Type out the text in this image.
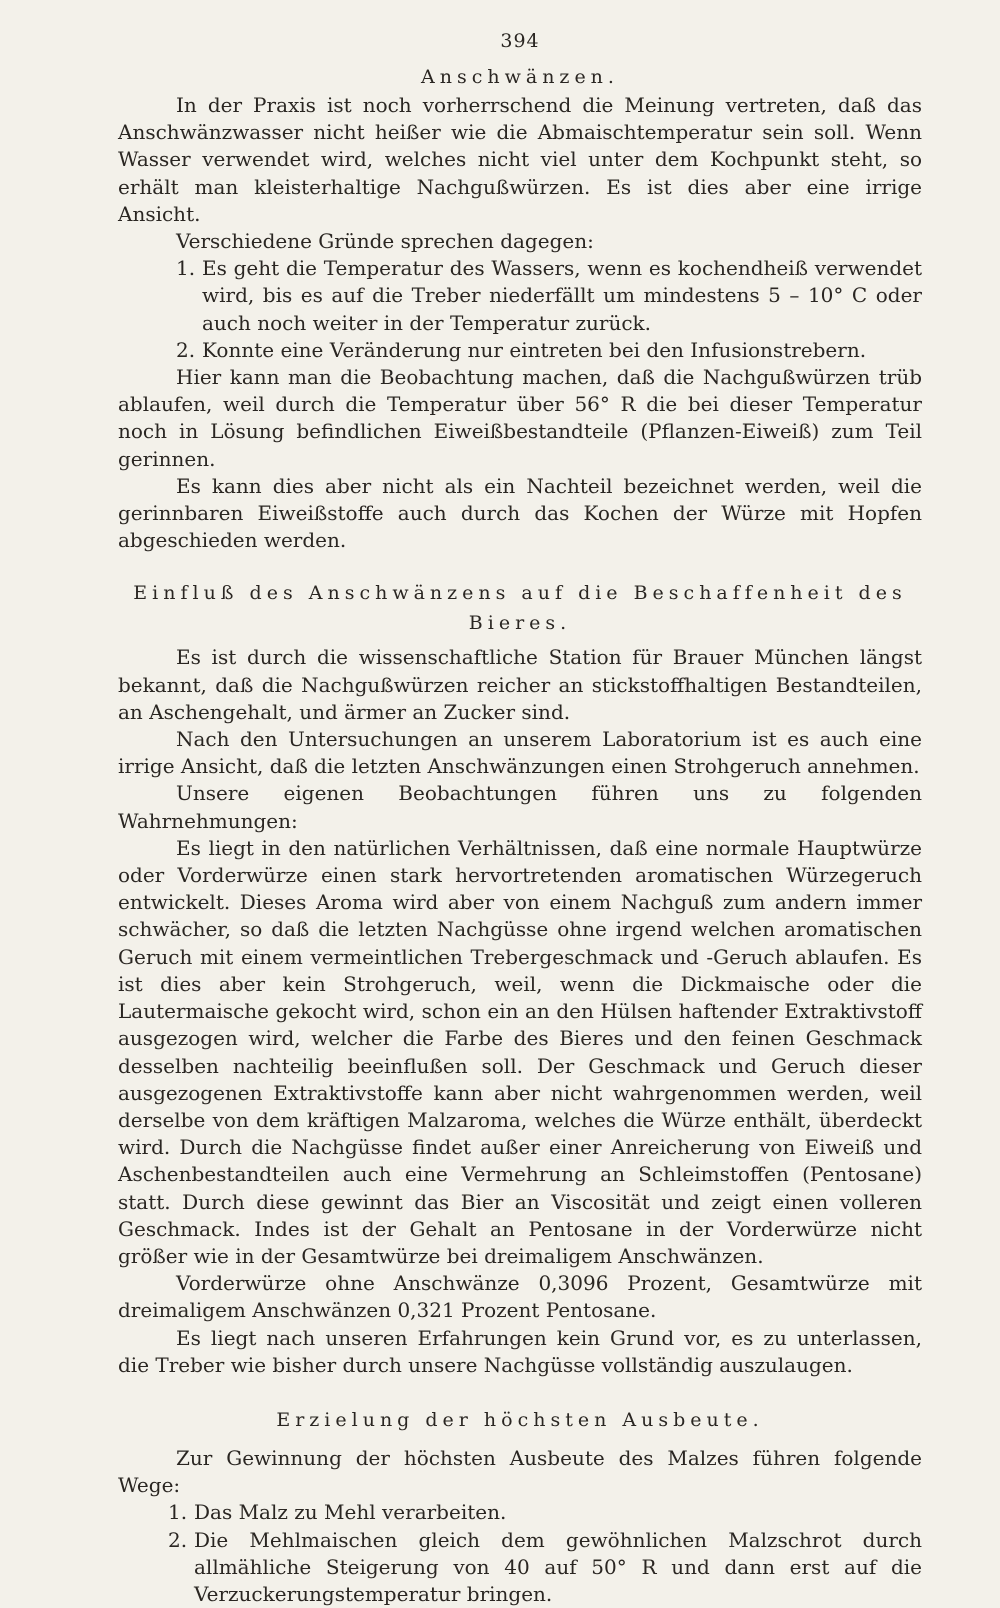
394
Anschwänzen.

In der Praxis ist noch vorherrschend die Meinung vertreten, daß das Anschwänzwasser nicht heißer wie die Abmaischtemperatur sein soll. Wenn Wasser verwendet wird, welches nicht viel unter dem Kochpunkt steht, so erhält man kleisterhaltige Nachgußwürzen. Es ist dies aber eine irrige Ansicht.

Verschiedene Gründe sprechen dagegen:

1. Es geht die Temperatur des Wassers, wenn es kochendheiß verwendet wird, bis es auf die Treber niederfällt um mindestens 5 – 10° C oder auch noch weiter in der Temperatur zurück.
2. Konnte eine Veränderung nur eintreten bei den Infusionstrebern.

Hier kann man die Beobachtung machen, daß die Nachgußwürzen trüb ablaufen, weil durch die Temperatur über 56° R die bei dieser Temperatur noch in Lösung befindlichen Eiweißbestandteile (Pflanzen-Eiweiß) zum Teil gerinnen.

Es kann dies aber nicht als ein Nachteil bezeichnet werden, weil die gerinnbaren Eiweißstoffe auch durch das Kochen der Würze mit Hopfen abgeschieden werden.

Einfluß des Anschwänzens auf die Beschaffenheit des Bieres.

Es ist durch die wissenschaftliche Station für Brauer München längst bekannt, daß die Nachgußwürzen reicher an stickstoffhaltigen Bestandteilen, an Aschengehalt, und ärmer an Zucker sind.

Nach den Untersuchungen an unserem Laboratorium ist es auch eine irrige Ansicht, daß die letzten Anschwänzungen einen Strohgeruch annehmen.

Unsere eigenen Beobachtungen führen uns zu folgenden Wahrnehmungen:

Es liegt in den natürlichen Verhältnissen, daß eine normale Hauptwürze oder Vorderwürze einen stark hervortretenden aromatischen Würzegeruch entwickelt. Dieses Aroma wird aber von einem Nachguß zum andern immer schwächer, so daß die letzten Nachgüsse ohne irgend welchen aromatischen Geruch mit einem vermeintlichen Trebergeschmack und -Geruch ablaufen. Es ist dies aber kein Strohgeruch, weil, wenn die Dickmaische oder die Lautermaische gekocht wird, schon ein an den Hülsen haftender Extraktivstoff ausgezogen wird, welcher die Farbe des Bieres und den feinen Geschmack desselben nachteilig beeinflußen soll. Der Geschmack und Geruch dieser ausgezogenen Extraktivstoffe kann aber nicht wahrgenommen werden, weil derselbe von dem kräftigen Malzaroma, welches die Würze enthält, überdeckt wird. Durch die Nachgüsse findet außer einer Anreicherung von Eiweiß und Aschenbestandteilen auch eine Vermehrung an Schleimstoffen (Pentosane) statt. Durch diese gewinnt das Bier an Viscosität und zeigt einen volleren Geschmack. Indes ist der Gehalt an Pentosane in der Vorderwürze nicht größer wie in der Gesamtwürze bei dreimaligem Anschwänzen.

Vorderwürze ohne Anschwänze 0,3096 Prozent, Gesamtwürze mit dreimaligem Anschwänzen 0,321 Prozent Pentosane.

Es liegt nach unseren Erfahrungen kein Grund vor, es zu unterlassen, die Treber wie bisher durch unsere Nachgüsse vollständig auszulaugen.

Erzielung der höchsten Ausbeute.

Zur Gewinnung der höchsten Ausbeute des Malzes führen folgende Wege:

1. Das Malz zu Mehl verarbeiten.
2. Die Mehlmaischen gleich dem gewöhnlichen Malzschrot durch allmähliche Steigerung von 40 auf 50° R und dann erst auf die Verzuckerungstemperatur bringen.
